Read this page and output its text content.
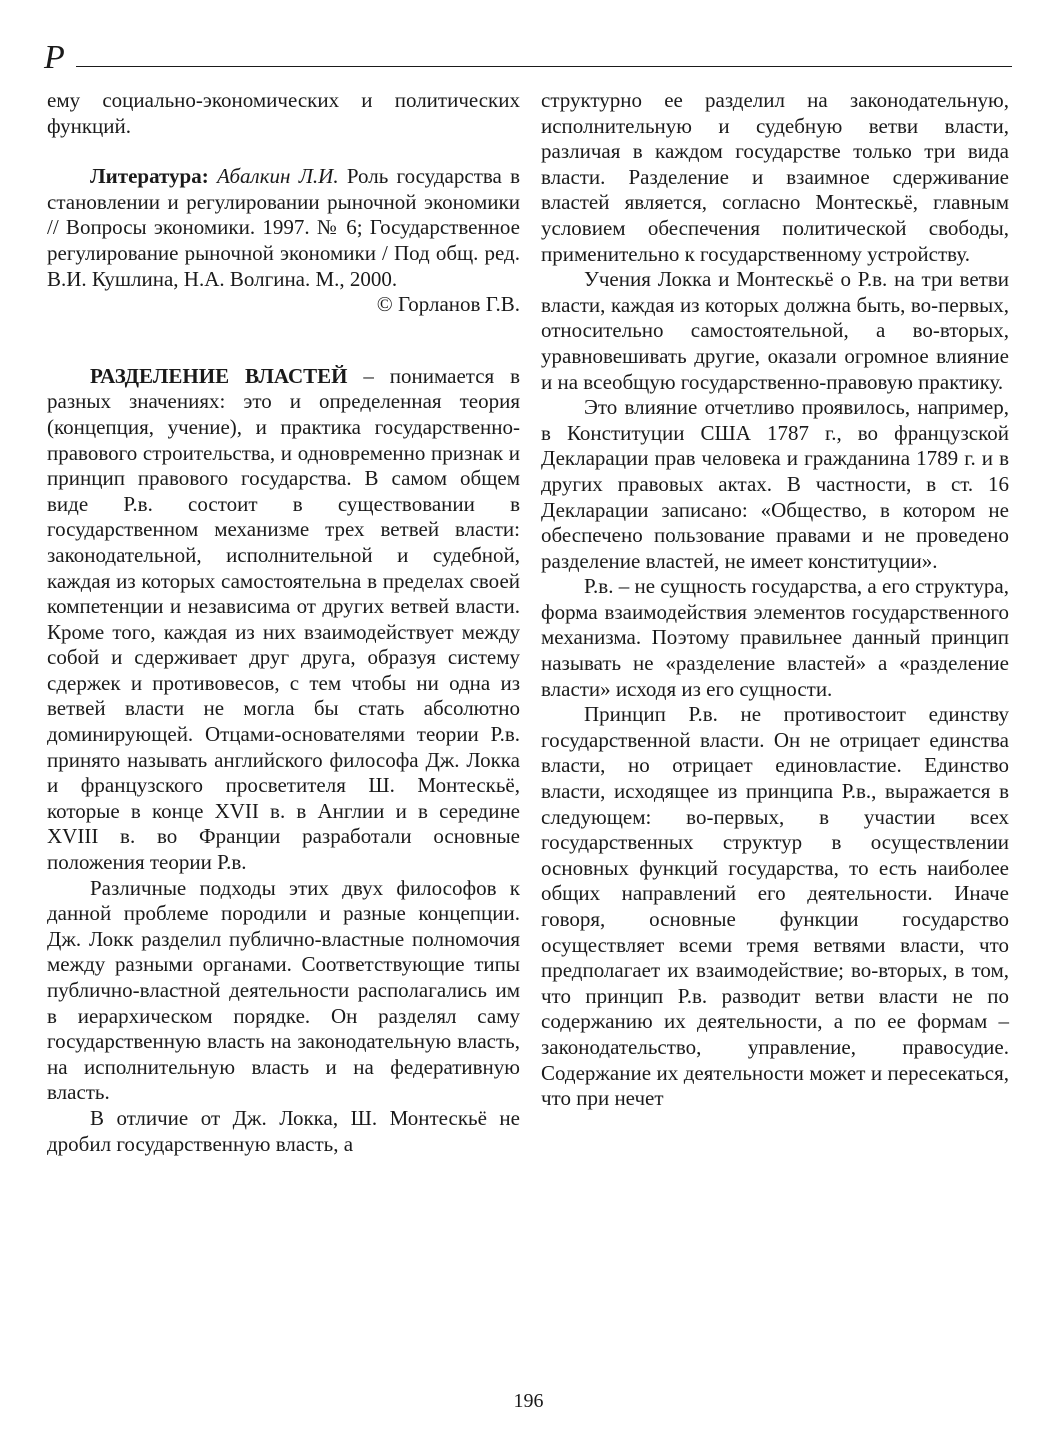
Р

ему социально-экономических и политических функций.

Литература: Абалкин Л.И. Роль государства в становлении и регулировании рыночной экономики // Вопросы экономики. 1997. № 6; Государственное регулирование рыночной экономики / Под общ. ред. В.И. Кушлина, Н.А. Волгина. М., 2000.

© Горланов Г.В.

РАЗДЕЛЕНИЕ ВЛАСТЕЙ – понимается в разных значениях: это и определенная теория (концепция, учение), и практика государственно-правового строительства, и одновременно признак и принцип правового государства. В самом общем виде Р.в. состоит в существовании в государственном механизме трех ветвей власти: законодательной, исполнительной и судебной, каждая из которых самостоятельна в пределах своей компетенции и независима от других ветвей власти. Кроме того, каждая из них взаимодействует между собой и сдерживает друг друга, образуя систему сдержек и противовесов, с тем чтобы ни одна из ветвей власти не могла бы стать абсолютно доминирующей. Отцами-основателями теории Р.в. принято называть английского философа Дж. Локка и французского просветителя Ш. Монтескьё, которые в конце XVII в. в Англии и в середине XVIII в. во Франции разработали основные положения теории Р.в.

Различные подходы этих двух философов к данной проблеме породили и разные концепции. Дж. Локк разделил публично-властные полномочия между разными органами. Соответствующие типы публично-властной деятельности располагались им в иерархическом порядке. Он разделял саму государственную власть на законодательную власть, на исполнительную власть и на федеративную власть.

В отличие от Дж. Локка, Ш. Монтескьё не дробил государственную власть, а

структурно ее разделил на законодательную, исполнительную и судебную ветви власти, различая в каждом государстве только три вида власти. Разделение и взаимное сдерживание властей является, согласно Монтескьё, главным условием обеспечения политической свободы, применительно к государственному устройству.

Учения Локка и Монтескьё о Р.в. на три ветви власти, каждая из которых должна быть, во-первых, относительно самостоятельной, а во-вторых, уравновешивать другие, оказали огромное влияние и на всеобщую государственно-правовую практику.

Это влияние отчетливо проявилось, например, в Конституции США 1787 г., во французской Декларации прав человека и гражданина 1789 г. и в других правовых актах. В частности, в ст. 16 Декларации записано: «Общество, в котором не обеспечено пользование правами и не проведено разделение властей, не имеет конституции».

Р.в. – не сущность государства, а его структура, форма взаимодействия элементов государственного механизма. Поэтому правильнее данный принцип называть не «разделение властей» а «разделение власти» исходя из его сущности.

Принцип Р.в. не противостоит единству государственной власти. Он не отрицает единства власти, но отрицает единовластие. Единство власти, исходящее из принципа Р.в., выражается в следующем: во-первых, в участии всех государственных структур в осуществлении основных функций государства, то есть наиболее общих направлений его деятельности. Иначе говоря, основные функции государство осуществляет всеми тремя ветвями власти, что предполагает их взаимодействие; во-вторых, в том, что принцип Р.в. разводит ветви власти не по содержанию их деятельности, а по ее формам – законодательство, управление, правосудие. Содержание их деятельности может и пересекаться, что при нечет

196
